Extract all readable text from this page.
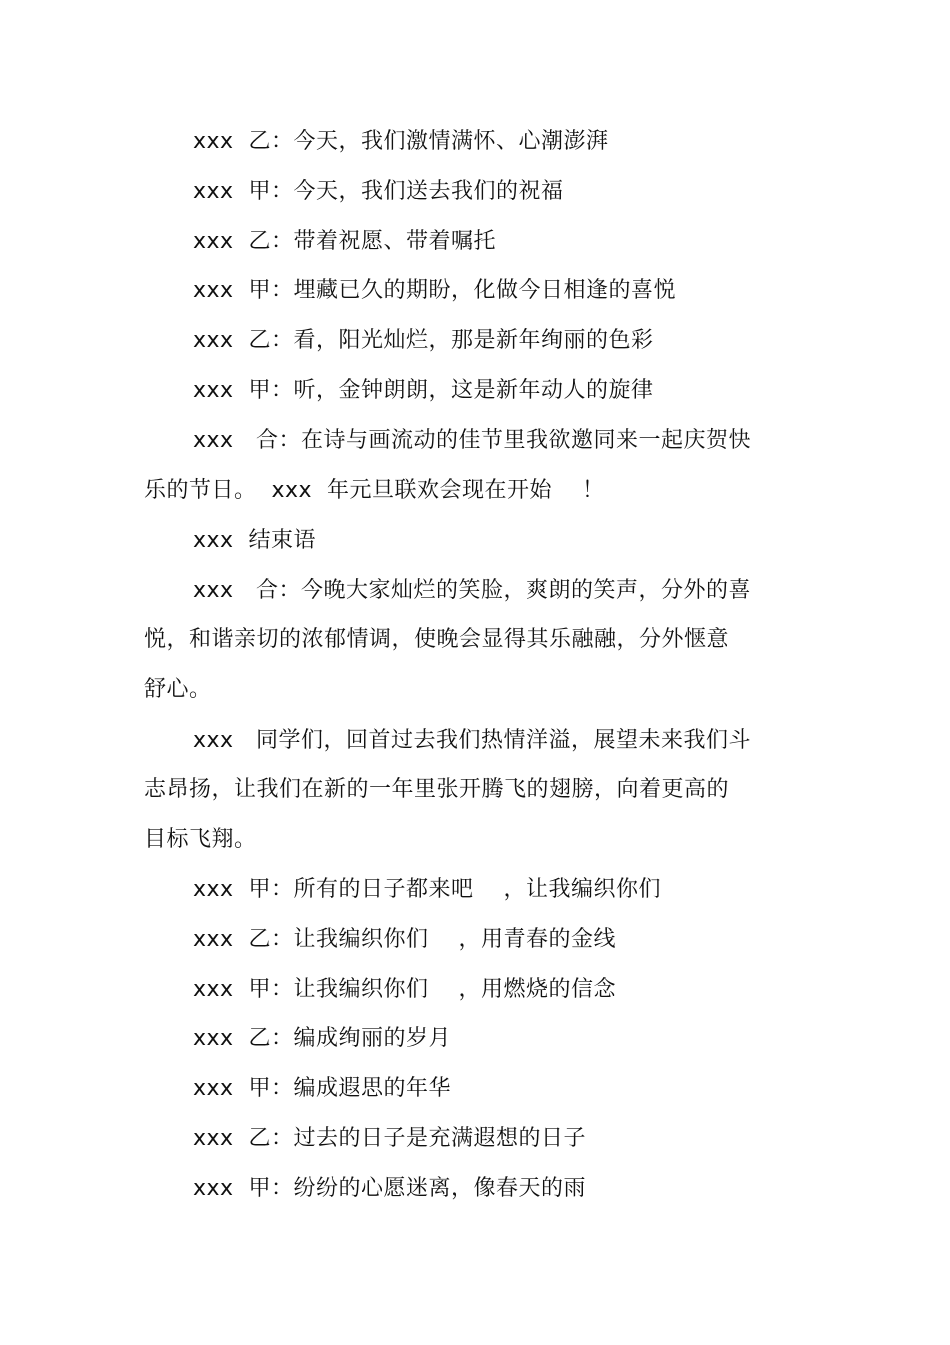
xxx  乙：今天，我们激情满怀、心潮澎湃
xxx  甲：今天，我们送去我们的祝福
xxx  乙：带着祝愿、带着嘱托
xxx  甲：埋藏已久的期盼，化做今日相逢的喜悦
xxx  乙：看，阳光灿烂，那是新年绚丽的色彩
xxx  甲：听，金钟朗朗，这是新年动人的旋律
xxx   合：在诗与画流动的佳节里我欲邀同来一起庆贺快
乐的节日。  xxx  年元旦联欢会现在开始    ！
xxx  结束语
xxx   合：今晚大家灿烂的笑脸，爽朗的笑声，分外的喜
悦，和谐亲切的浓郁情调，使晚会显得其乐融融，分外惬意
舒心。
xxx   同学们，回首过去我们热情洋溢，展望未来我们斗
志昂扬，让我们在新的一年里张开腾飞的翅膀，向着更高的
目标飞翔。
xxx  甲：所有的日子都来吧    ，让我编织你们
xxx  乙：让我编织你们    ，用青春的金线
xxx  甲：让我编织你们    ，用燃烧的信念
xxx  乙：编成绚丽的岁月
xxx  甲：编成遐思的年华
xxx  乙：过去的日子是充满遐想的日子
xxx  甲：纷纷的心愿迷离，像春天的雨
